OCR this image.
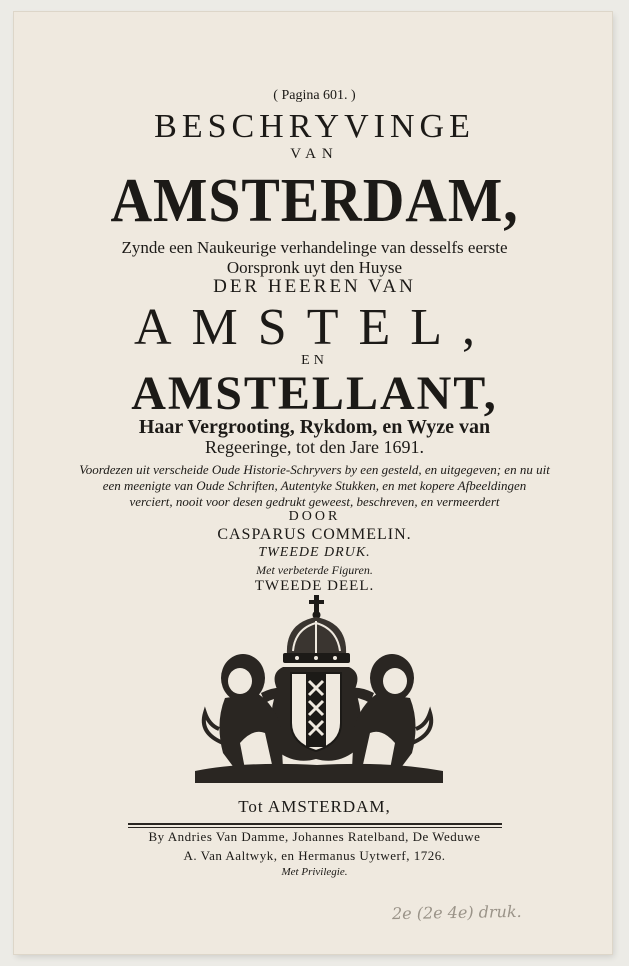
( Pagina 601. )
BESCHRYVINGE
VAN
AMSTERDAM,
Zynde een Naukeurige verhandelinge van desselfs eerste
Oorspronk uyt den Huyse
DER HEEREN VAN
AMSTEL,
EN
AMSTELLANT,
Haar Vergrooting, Rykdom, en Wyze van
Regeeringe, tot den Jare 1691.
Voordezen uit verscheide Oude Historie-Schryvers by een gesteld, en uitgegeven; en nu uit
een meenigte van Oude Schriften, Autentyke Stukken, en met kopere Afbeeldingen
verciert, nooit voor desen gedrukt geweest, beschreven, en vermeerdert
DOOR
CASPARUS COMMELIN.
TWEEDE DRUK.
Met verbeterde Figuren.
TWEEDE DEEL.
Tot AMSTERDAM,
By Andries Van Damme, Johannes Ratelband, De Weduwe
A. Van Aaltwyk, en Hermanus Uytwerf, 1726.
Met Privilegie.
2e (2e 4e) druk.
